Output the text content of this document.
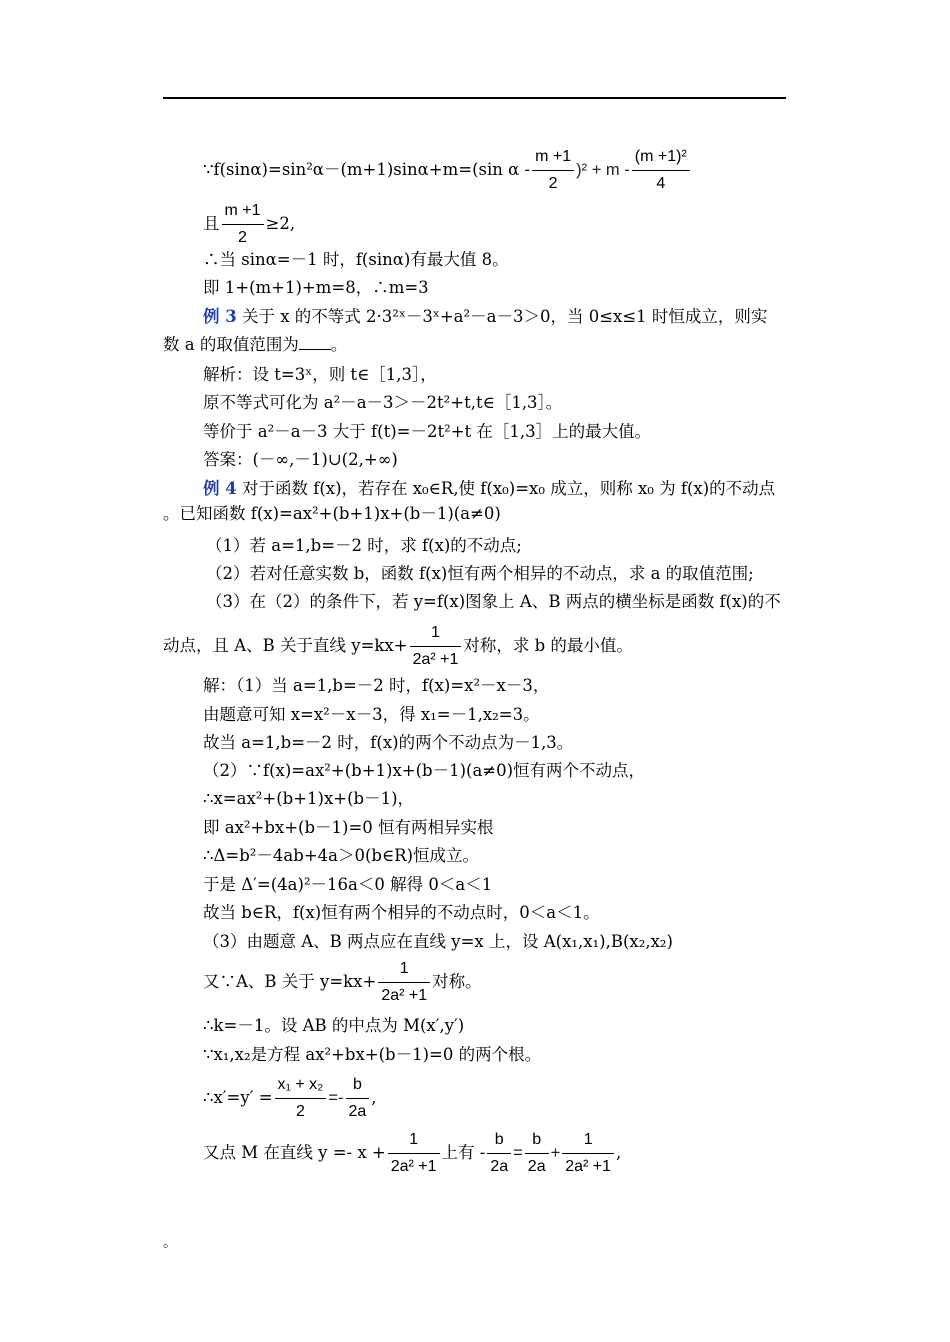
∵f(sinα)=sin²α－(m+1)sinα+m=(sin $\alpha - \frac{m +1}{2} )^2 + m - \frac{\text{(m +1)²}}{4}$
且 $\frac{m +1}{2} \ge 2$,
∴当 sinα=－1 时，f(sinα)有最大值 8。
即 1+(m+1)+m=8，∴m=3
例 3 关于 x 的不等式 2·3²ˣ－3ˣ+a²－a－3＞0，当 0≤x≤1 时恒成立，则实
数 a 的取值范围为 。
解析：设 t=3ˣ，则 t∈［1,3］，
原不等式可化为 a²－a－3＞－2t²+t,t∈［1,3］。
等价于 a²－a－3 大于 f(t)=－2t²+t 在［1,3］上的最大值。
答案：(－∞,－1)∪(2,+∞)
例 4 对于函数 f(x)，若存在 x₀∈R,使 f(x₀)=x₀ 成立，则称 x₀ 为 f(x)的不动点
。已知函数 f(x)=ax²+(b+1)x+(b－1)(a≠0)
（1）若 a=1,b=－2 时，求 f(x)的不动点;
（2）若对任意实数 b，函数 f(x)恒有两个相异的不动点，求 a 的取值范围;
（3）在（2）的条件下，若 y=f(x)图象上 A、B 两点的横坐标是函数 f(x)的不
动点，且 A、B 关于直线 $y=kx+ \frac{1}{\text{2a² +1}}$ 对称，求 b 的最小值。
解：（1）当 a=1,b=－2 时，f(x)=x²－x－3，
由题意可知 x=x²－x－3，得 x₁=－1,x₂=3。
故当 a=1,b=－2 时，f(x)的两个不动点为－1,3。
（2）∵f(x)=ax²+(b+1)x+(b－1)(a≠0)恒有两个不动点，
∴x=ax²+(b+1)x+(b－1)，
即 ax²+bx+(b－1)=0 恒有两相异实根
∴Δ=b²－4ab+4a＞0(b∈R)恒成立。
于是 Δ′=(4a)²－16a＜0 解得 0＜a＜1
故当 b∈R，f(x)恒有两个相异的不动点时，0＜a＜1。
（3）由题意 A、B 两点应在直线 y=x 上，设 A(x₁,x₁),B(x₂,x₂)
又∵A、B 关于 $y=kx+ \frac{1}{\text{2a² +1}}$ 对称。
∴k=－1。设 AB 的中点为 M(x′,y′)
∵x₁,x₂是方程 ax²+bx+(b－1)=0 的两个根。
∴x′=y′ = $\frac{\text{x₁ + x₂}}{2} =- \frac{b}{2a}$ ,
又点 M 在直线 $y =- x + \frac{1}{\text{2a² +1}}$ 上有 - $\frac{b}{2a} = \frac{b}{2a} + \frac{1}{\text{2a² +1}}$ ,
。
